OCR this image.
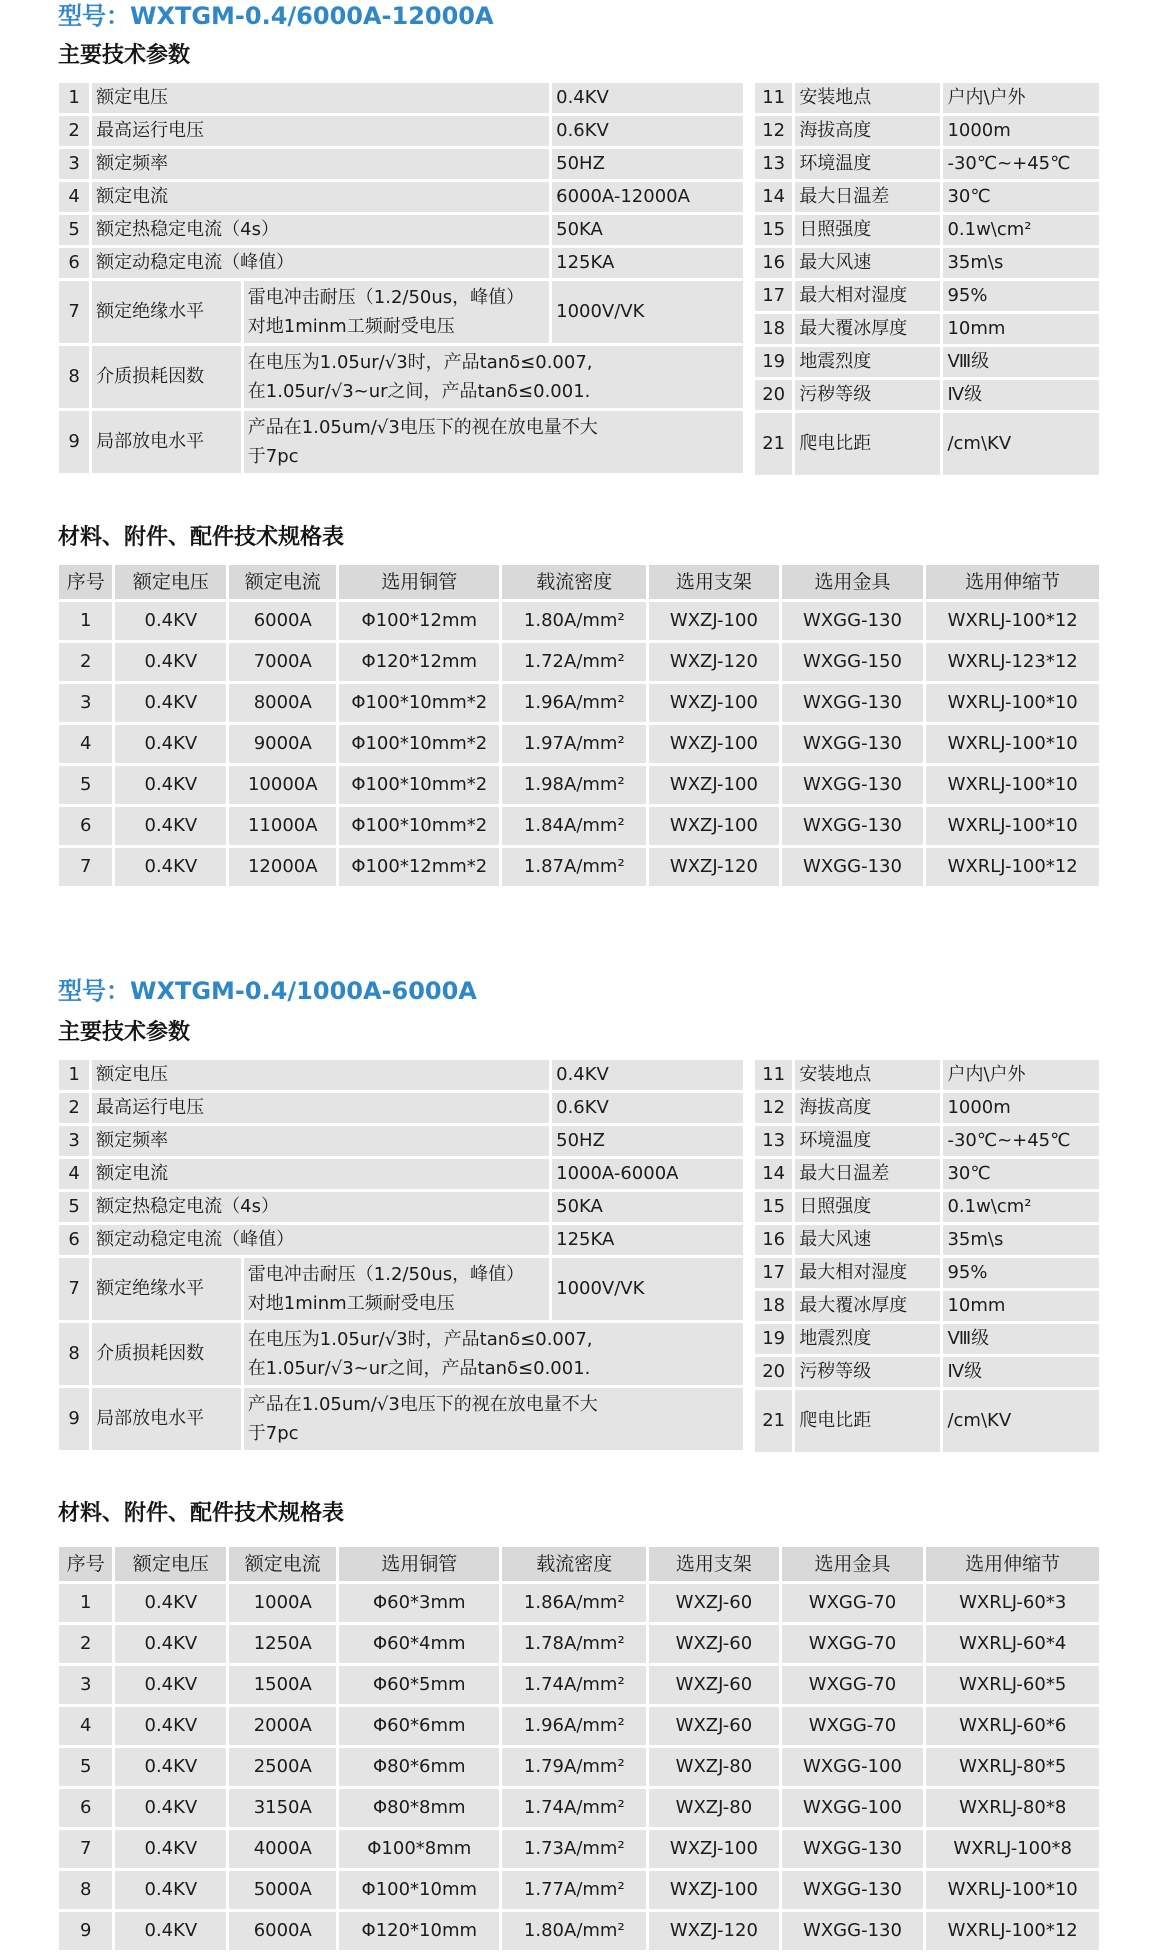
型号：WXTGM-0.4/6000A-12000A
主要技术参数
1	额定电压		0.4KV
2	最高运行电压		0.6KV
3	额定频率		50HZ
4	额定电流		6000A-12000A
5	额定热稳定电流（4s）		50KA
6	额定动稳定电流（峰值）		125KA
7	额定绝缘水平	雷电冲击耐压（1.2/50us，峰值）
对地1minm工频耐受电压	1000V/VK
8	介质损耗因数	在电压为1.05ur/√3时，产品tanδ≤0.007,
在1.05ur/√3~ur之间，产品tanδ≤0.001.	

9	局部放电水平	产品在1.05um/√3电压下的视在放电量不大
于7pc	
11	安装地点	户内\户外
12	海拔高度	1000m
13	环境温度	-30℃~+45℃
14	最大日温差	30℃
15	日照强度	0.1w\cm²
16	最大风速	35m\s
17	最大相对湿度	95%
18	最大覆冰厚度	10mm
19	地震烈度	Ⅷ级
20	污秽等级	Ⅳ级
21	爬电比距	/cm\KV
材料、附件、配件技术规格表
序号	额定电压	额定电流	选用铜管	载流密度	选用支架	选用金具	选用伸缩节
1	0.4KV	6000A	Φ100*12mm	1.80A/mm²	WXZJ-100	WXGG-130	WXRLJ-100*12
2	0.4KV	7000A	Φ120*12mm	1.72A/mm²	WXZJ-120	WXGG-150	WXRLJ-123*12
3	0.4KV	8000A	Φ100*10mm*2	1.96A/mm²	WXZJ-100	WXGG-130	WXRLJ-100*10
4	0.4KV	9000A	Φ100*10mm*2	1.97A/mm²	WXZJ-100	WXGG-130	WXRLJ-100*10
5	0.4KV	10000A	Φ100*10mm*2	1.98A/mm²	WXZJ-100	WXGG-130	WXRLJ-100*10
6	0.4KV	11000A	Φ100*10mm*2	1.84A/mm²	WXZJ-100	WXGG-130	WXRLJ-100*10
7	0.4KV	12000A	Φ100*12mm*2	1.87A/mm²	WXZJ-120	WXGG-130	WXRLJ-100*12
型号：WXTGM-0.4/1000A-6000A
主要技术参数
1	额定电压		0.4KV
2	最高运行电压		0.6KV
3	额定频率		50HZ
4	额定电流		1000A-6000A
5	额定热稳定电流（4s）		50KA
6	额定动稳定电流（峰值）		125KA
7	额定绝缘水平	雷电冲击耐压（1.2/50us，峰值）
对地1minm工频耐受电压	1000V/VK
8	介质损耗因数	在电压为1.05ur/√3时，产品tanδ≤0.007,
在1.05ur/√3~ur之间，产品tanδ≤0.001.	

9	局部放电水平	产品在1.05um/√3电压下的视在放电量不大
于7pc	
11	安装地点	户内\户外
12	海拔高度	1000m
13	环境温度	-30℃~+45℃
14	最大日温差	30℃
15	日照强度	0.1w\cm²
16	最大风速	35m\s
17	最大相对湿度	95%
18	最大覆冰厚度	10mm
19	地震烈度	Ⅷ级
20	污秽等级	Ⅳ级
21	爬电比距	/cm\KV
材料、附件、配件技术规格表
序号	额定电压	额定电流	选用铜管	载流密度	选用支架	选用金具	选用伸缩节
1	0.4KV	1000A	Φ60*3mm	1.86A/mm²	WXZJ-60	WXGG-70	WXRLJ-60*3
2	0.4KV	1250A	Φ60*4mm	1.78A/mm²	WXZJ-60	WXGG-70	WXRLJ-60*4
3	0.4KV	1500A	Φ60*5mm	1.74A/mm²	WXZJ-60	WXGG-70	WXRLJ-60*5
4	0.4KV	2000A	Φ60*6mm	1.96A/mm²	WXZJ-60	WXGG-70	WXRLJ-60*6
5	0.4KV	2500A	Φ80*6mm	1.79A/mm²	WXZJ-80	WXGG-100	WXRLJ-80*5
6	0.4KV	3150A	Φ80*8mm	1.74A/mm²	WXZJ-80	WXGG-100	WXRLJ-80*8
7	0.4KV	4000A	Φ100*8mm	1.73A/mm²	WXZJ-100	WXGG-130	WXRLJ-100*8
8	0.4KV	5000A	Φ100*10mm	1.77A/mm²	WXZJ-100	WXGG-130	WXRLJ-100*10
9	0.4KV	6000A	Φ120*10mm	1.80A/mm²	WXZJ-120	WXGG-130	WXRLJ-100*12
